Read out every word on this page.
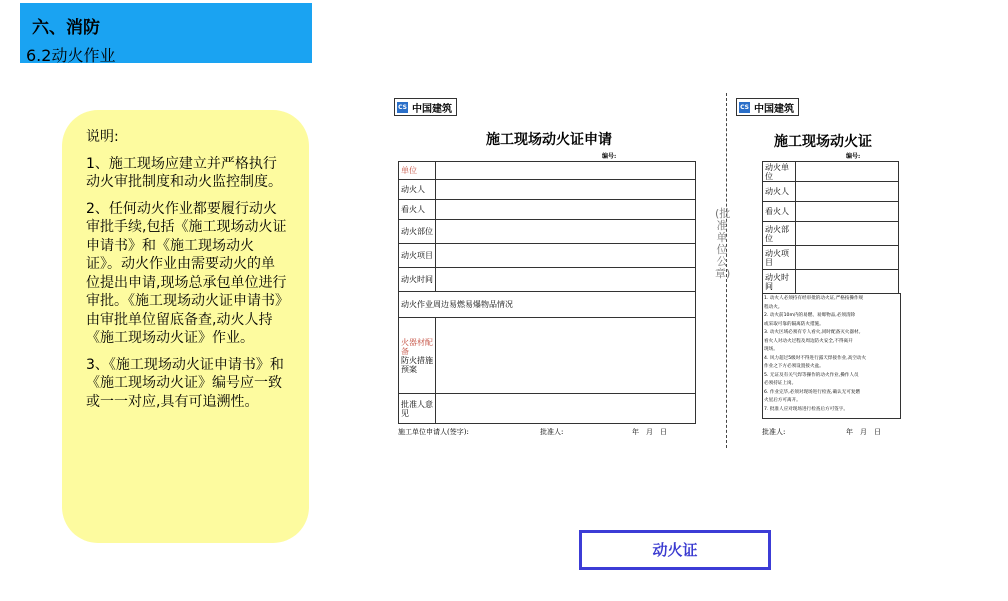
六、消防
6.2动火作业

说明:

1、施工现场应建立并严格执行动火审批制度和动火监控制度。

2、任何动火作业都要履行动火审批手续,包括《施工现场动火证申请书》和《施工现场动火证》。动火作业由需要动火的单位提出申请,现场总承包单位进行审批。《施工现场动火证申请书》由审批单位留底备查,动火人持《施工现场动火证》作业。

3、《施工现场动火证申请书》和《施工现场动火证》编号应一致或一一对应,具有可追溯性。

CS 中国建筑
施工现场动火证申请
编号:
单位	
动火人	
看火人	
动火部位	
动火项目	
动火时间	
动火作业周边易燃易爆物品情况	
火器材配备
防火措施预案	
批准人意见	
施工单位申请人(签字):	批准人:	年　月　日
(批准单位公章)
CS 中国建筑
施工现场动火证
编号:
动火单位	
动火人	
看火人	
动火部位	
动火项目	
动火时间	
批准人:	年　月　日
1. 动火人必须持有经审批的动火证,严格按操作规
程动火。
2. 动火前10m内的易燃、易爆物品,必须清除
或采取可靠的隔离防火措施。
3. 动火区域必须有专人看火,同时配备灭火器材。
看火人对动火过程及周边防火安全,不得离开
现场。
4. 风力超过5级时不得进行露天焊接作业,高空动火
作业之下方必须设置接火盆。
5. 无证及有关气焊等操作的动火作业,操作人员
必须持证上岗。
6. 作业完毕,必须对现场进行检查,确认无可复燃
火星后方可离开。
7. 批准人应对现场进行检查后方可签字。
动火证
